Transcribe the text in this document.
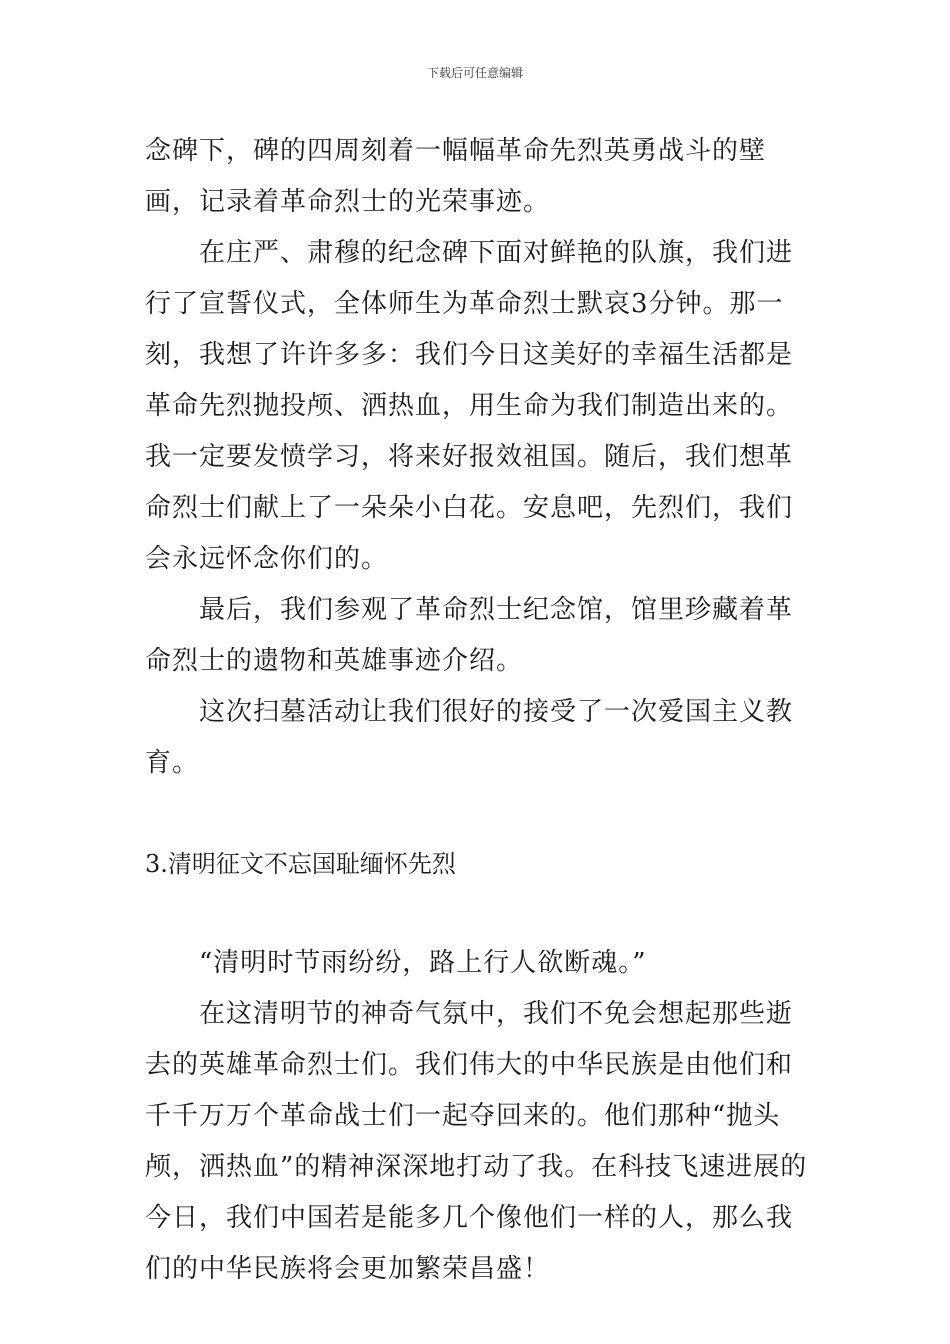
下载后可任意编辑

念碑下，碑的四周刻着一幅幅革命先烈英勇战斗的壁画，记录着革命烈士的光荣事迹。

在庄严、肃穆的纪念碑下面对鲜艳的队旗，我们进行了宣誓仪式，全体师生为革命烈士默哀3分钟。那一刻，我想了许许多多：我们今日这美好的幸福生活都是革命先烈抛投颅、洒热血，用生命为我们制造出来的。我一定要发愤学习，将来好报效祖国。随后，我们想革命烈士们献上了一朵朵小白花。安息吧，先烈们，我们会永远怀念你们的。

最后，我们参观了革命烈士纪念馆，馆里珍藏着革命烈士的遗物和英雄事迹介绍。

这次扫墓活动让我们很好的接受了一次爱国主义教育。

3.清明征文不忘国耻缅怀先烈

“清明时节雨纷纷，路上行人欲断魂。”

在这清明节的神奇气氛中，我们不免会想起那些逝去的英雄革命烈士们。我们伟大的中华民族是由他们和千千万万个革命战士们一起夺回来的。他们那种“抛头颅，洒热血”的精神深深地打动了我。在科技飞速进展的今日，我们中国若是能多几个像他们一样的人，那么我们的中华民族将会更加繁荣昌盛！
